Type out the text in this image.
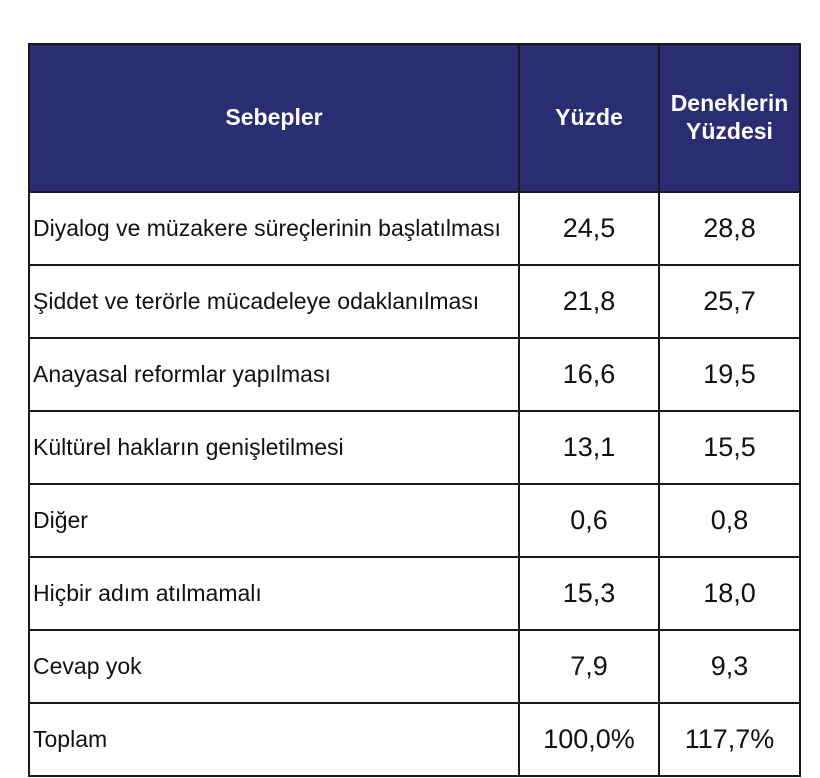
Sebepler	Yüzde	Deneklerin Yüzdesi
Diyalog ve müzakere süreçlerinin başlatılması	24,5	28,8
Şiddet ve terörle mücadeleye odaklanılması	21,8	25,7
Anayasal reformlar yapılması	16,6	19,5
Kültürel hakların genişletilmesi	13,1	15,5
Diğer	0,6	0,8
Hiçbir adım atılmamalı	15,3	18,0
Cevap yok	7,9	9,3
Toplam	100,0%	117,7%
